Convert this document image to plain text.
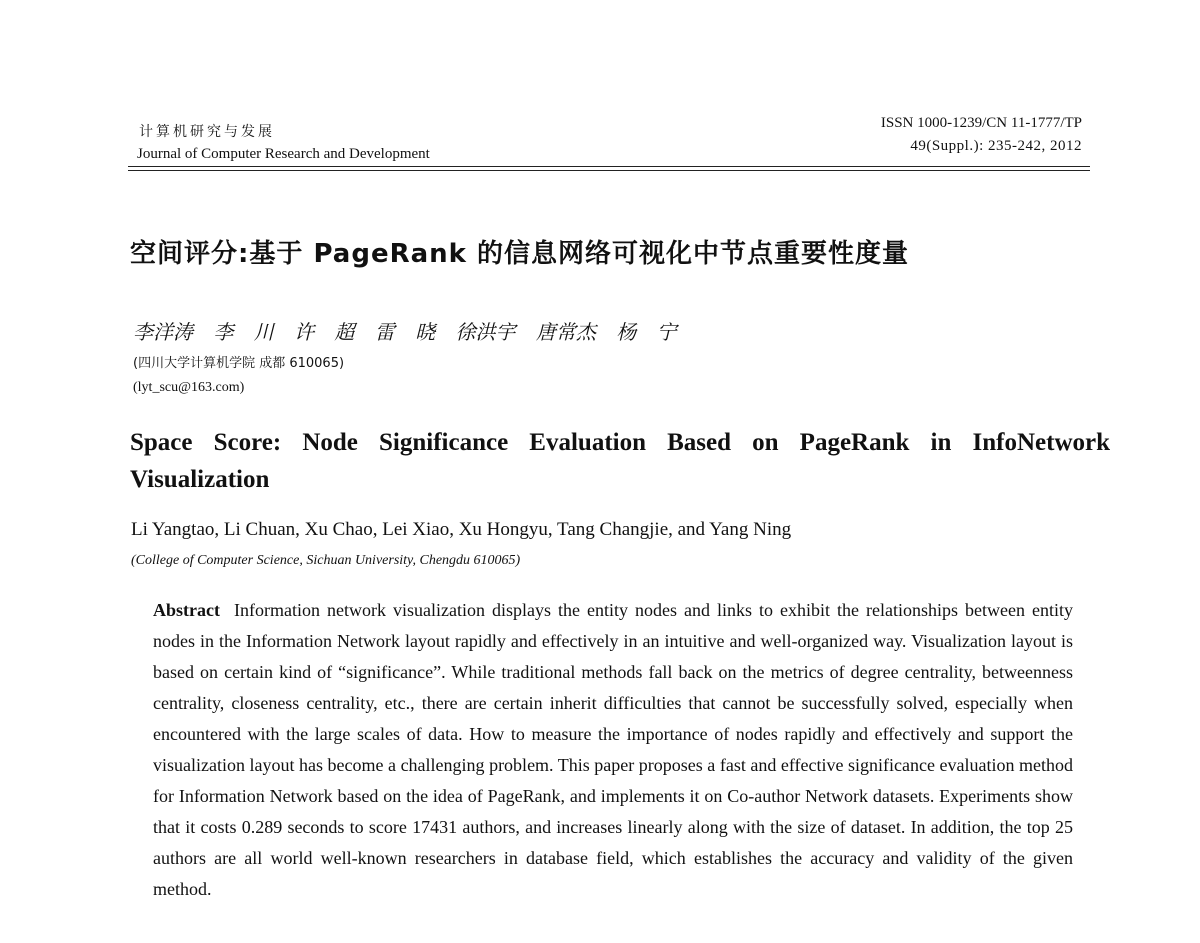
计算机研究与发展
Journal of Computer Research and Development
ISSN 1000-1239/CN 11-1777/TP
49(Suppl.): 235-242, 2012
空间评分:基于 PageRank 的信息网络可视化中节点重要性度量
李洋涛 李 川 许 超 雷 晓 徐洪宇 唐常杰 杨 宁
(四川大学计算机学院 成都 610065)
(lyt_scu@163.com)
Space Score: Node Significance Evaluation Based on PageRank in InfoNetwork Visualization
Li Yangtao, Li Chuan, Xu Chao, Lei Xiao, Xu Hongyu, Tang Changjie, and Yang Ning
(College of Computer Science, Sichuan University, Chengdu 610065)
Abstract Information network visualization displays the entity nodes and links to exhibit the relationships between entity nodes in the Information Network layout rapidly and effectively in an intuitive and well-organized way. Visualization layout is based on certain kind of “significance”. While traditional methods fall back on the metrics of degree centrality, betweenness centrality, closeness centrality, etc., there are certain inherit difficulties that cannot be successfully solved, especially when encountered with the large scales of data. How to measure the importance of nodes rapidly and effectively and support the visualization layout has become a challenging problem. This paper proposes a fast and effective significance evaluation method for Information Network based on the idea of PageRank, and implements it on Co-author Network datasets. Experiments show that it costs 0.289 seconds to score 17431 authors, and increases linearly along with the size of dataset. In addition, the top 25 authors are all world well-known researchers in database field, which establishes the accuracy and validity of the given method.
